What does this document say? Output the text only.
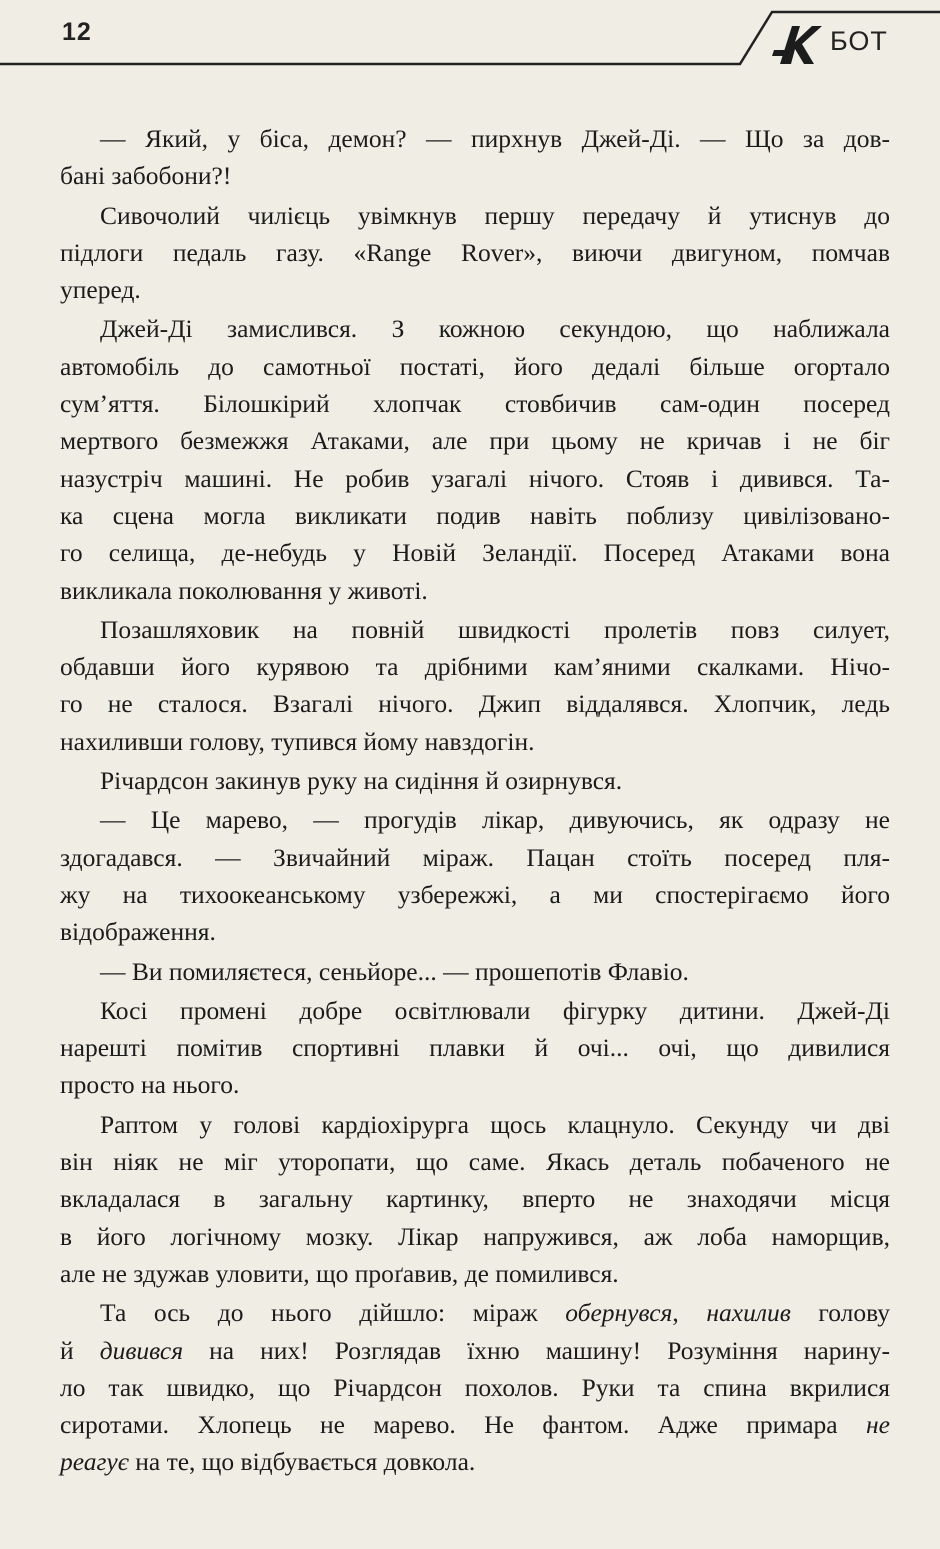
12	БОТ

— Який, у біса, демон? — пирхнув Джей-Ді. — Що за дов-
бані забобони?!

Сивочолий чилієць увімкнув першу передачу й утиснув до
підлоги педаль газу. «Range Rover», виючи двигуном, помчав
уперед.

Джей-Ді замислився. З кожною секундою, що наближала
автомобіль до самотньої постаті, його дедалі більше огортало
сум’яття. Білошкірий хлопчак стовбичив сам-один посеред
мертвого безмежжя Атаками, але при цьому не кричав і не біг
назустріч машині. Не робив узагалі нічого. Стояв і дивився. Та-
ка сцена могла викликати подив навіть поблизу цивілізовано-
го селища, де-небудь у Новій Зеландії. Посеред Атаками вона
викликала поколювання у животі.

Позашляховик на повній швидкості пролетів повз силует,
обдавши його курявою та дрібними кам’яними скалками. Нічо-
го не сталося. Взагалі нічого. Джип віддалявся. Хлопчик, ледь
нахиливши голову, тупився йому навздогін.

Річардсон закинув руку на сидіння й озирнувся.

— Це марево, — прогудів лікар, дивуючись, як одразу не
здогадався. — Звичайний міраж. Пацан стоїть посеред пля-
жу на тихоокеанському узбережжі, а ми спостерігаємо його
відображення.

— Ви помиляєтеся, сеньйоре... — прошепотів Флавіо.

Косі промені добре освітлювали фігурку дитини. Джей-Ді
нарешті помітив спортивні плавки й очі... очі, що дивилися
просто на нього.

Раптом у голові кардіохірурга щось клацнуло. Секунду чи дві
він ніяк не міг уторопати, що саме. Якась деталь побаченого не
вкладалася в загальну картинку, вперто не знаходячи місця
в його логічному мозку. Лікар напружився, аж лоба наморщив,
але не здужав уловити, що проґавив, де помилився.

Та ось до нього дійшло: міраж обернувся, нахилив голову
й дивився на них! Розглядав їхню машину! Розуміння нарину-
ло так швидко, що Річардсон похолов. Руки та спина вкрилися
сиротами. Хлопець не марево. Не фантом. Адже примара не
реагує на те, що відбувається довкола.
